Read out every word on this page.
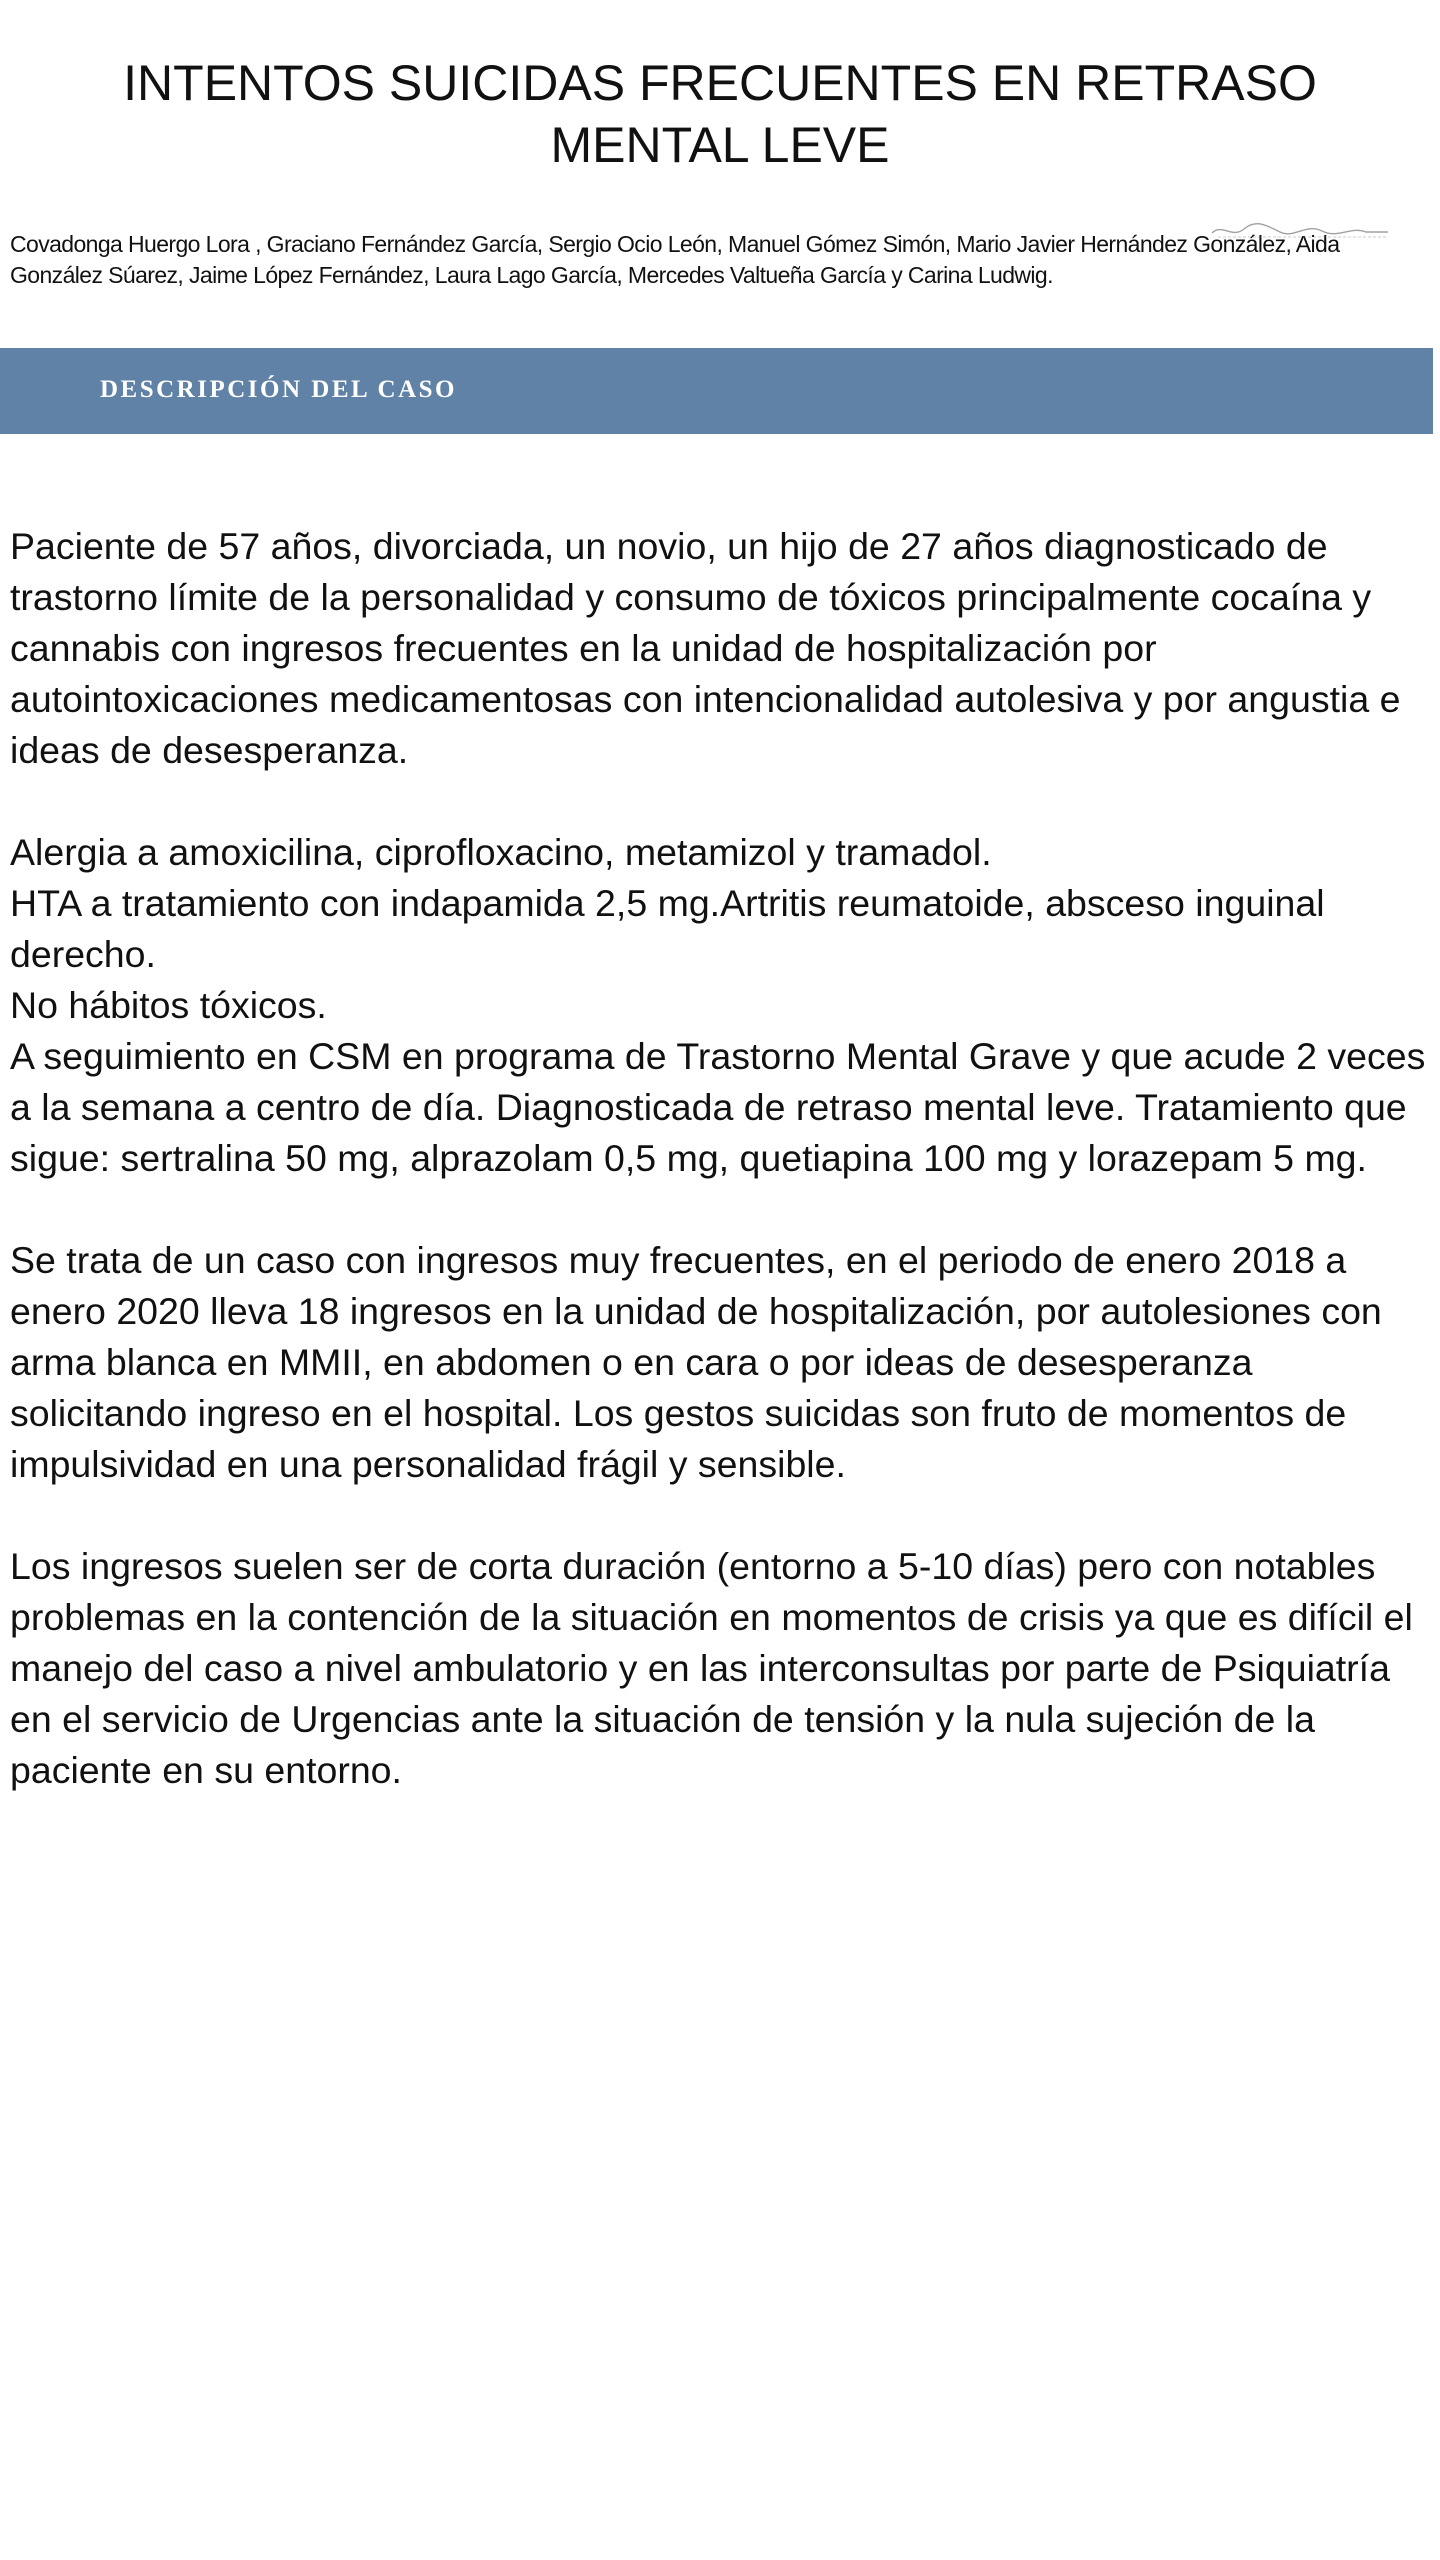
INTENTOS SUICIDAS FRECUENTES EN RETRASO MENTAL LEVE

Covadonga Huergo Lora , Graciano Fernández García, Sergio Ocio León, Manuel Gómez Simón, Mario Javier Hernández González, Aida González Súarez, Jaime López Fernández, Laura Lago García, Mercedes Valtueña García y Carina Ludwig.

DESCRIPCIÓN DEL CASO

Paciente de 57 años, divorciada, un novio, un hijo de 27 años diagnosticado de trastorno límite de la personalidad y consumo de tóxicos principalmente cocaína y cannabis con ingresos frecuentes en la unidad de hospitalización por autointoxicaciones medicamentosas con intencionalidad autolesiva y por angustia e ideas de desesperanza.

Alergia a amoxicilina, ciprofloxacino, metamizol y tramadol.
HTA a tratamiento con indapamida 2,5 mg.Artritis reumatoide, absceso inguinal derecho.
No hábitos tóxicos.
A seguimiento en CSM en programa de Trastorno Mental Grave y que acude 2 veces a la semana a centro de día. Diagnosticada de retraso mental leve. Tratamiento que sigue: sertralina 50 mg, alprazolam 0,5 mg, quetiapina 100 mg y lorazepam 5 mg.

Se trata de un caso con ingresos muy frecuentes, en el periodo de enero 2018 a enero 2020 lleva 18 ingresos en la unidad de hospitalización, por autolesiones con arma blanca en MMII, en abdomen o en cara o por ideas de desesperanza solicitando ingreso en el hospital. Los gestos suicidas son fruto de momentos de impulsividad en una personalidad frágil y sensible.

Los ingresos suelen ser de corta duración (entorno a 5-10 días) pero con notables problemas en la contención de la situación en momentos de crisis ya que es difícil el manejo del caso a nivel ambulatorio y en las interconsultas por parte de Psiquiatría en el servicio de Urgencias ante la situación de tensión y la nula sujeción de la paciente en su entorno.
